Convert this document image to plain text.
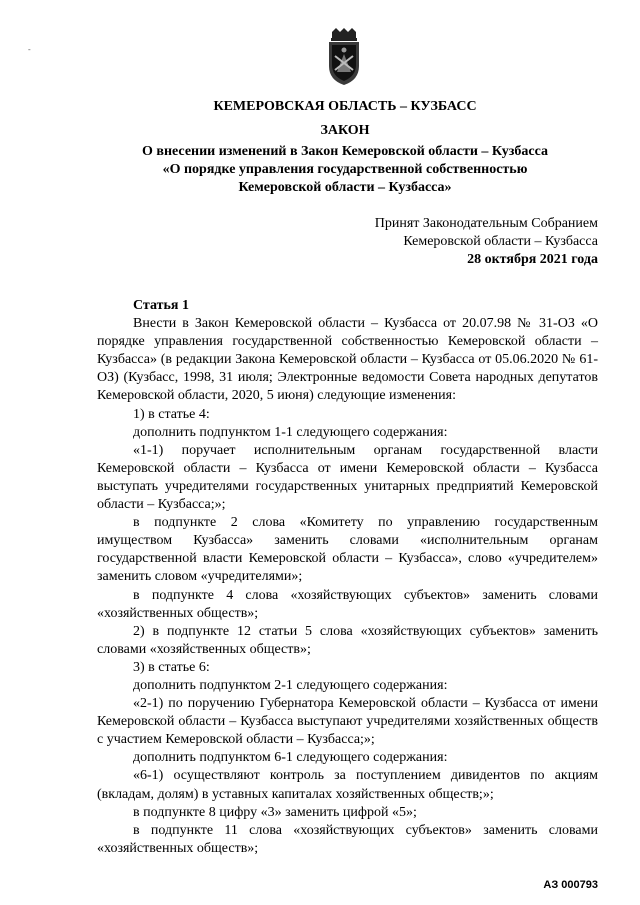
-
КЕМЕРОВСКАЯ ОБЛАСТЬ – КУЗБАСС
ЗАКОН
О внесении изменений в Закон Кемеровской области – Кузбасса
«О порядке управления государственной собственностью
Кемеровской области – Кузбасса»
Принят Законодательным Собранием
Кемеровской области – Кузбасса
28 октября 2021 года
Статья 1

Внести в Закон Кемеровской области – Кузбасса от 20.07.98 № 31-ОЗ «О порядке управления государственной собственностью Кемеровской области – Кузбасса» (в редакции Закона Кемеровской области – Кузбасса от 05.06.2020 № 61-ОЗ) (Кузбасс, 1998, 31 июля; Электронные ведомости Совета народных депутатов Кемеровской области, 2020, 5 июня) следующие изменения:

1) в статье 4:

дополнить подпунктом 1-1 следующего содержания:

«1-1) поручает исполнительным органам государственной власти Кемеровской области – Кузбасса от имени Кемеровской области – Кузбасса выступать учредителями государственных унитарных предприятий Кемеровской области – Кузбасса;»;

в подпункте 2 слова «Комитету по управлению государственным имуществом Кузбасса» заменить словами «исполнительным органам государственной власти Кемеровской области – Кузбасса», слово «учредителем» заменить словом «учредителями»;

в подпункте 4 слова «хозяйствующих субъектов» заменить словами «хозяйственных обществ»;

2) в подпункте 12 статьи 5 слова «хозяйствующих субъектов» заменить словами «хозяйственных обществ»;

3) в статье 6:

дополнить подпунктом 2-1 следующего содержания:

«2-1) по поручению Губернатора Кемеровской области – Кузбасса от имени Кемеровской области – Кузбасса выступают учредителями хозяйственных обществ с участием Кемеровской области – Кузбасса;»;

дополнить подпунктом 6-1 следующего содержания:

«6-1) осуществляют контроль за поступлением дивидентов по акциям (вкладам, долям) в уставных капиталах хозяйственных обществ;»;

в подпункте 8 цифру «3» заменить цифрой «5»;

в подпункте 11 слова «хозяйствующих субъектов» заменить словами «хозяйственных обществ»;

АЗ 000793
